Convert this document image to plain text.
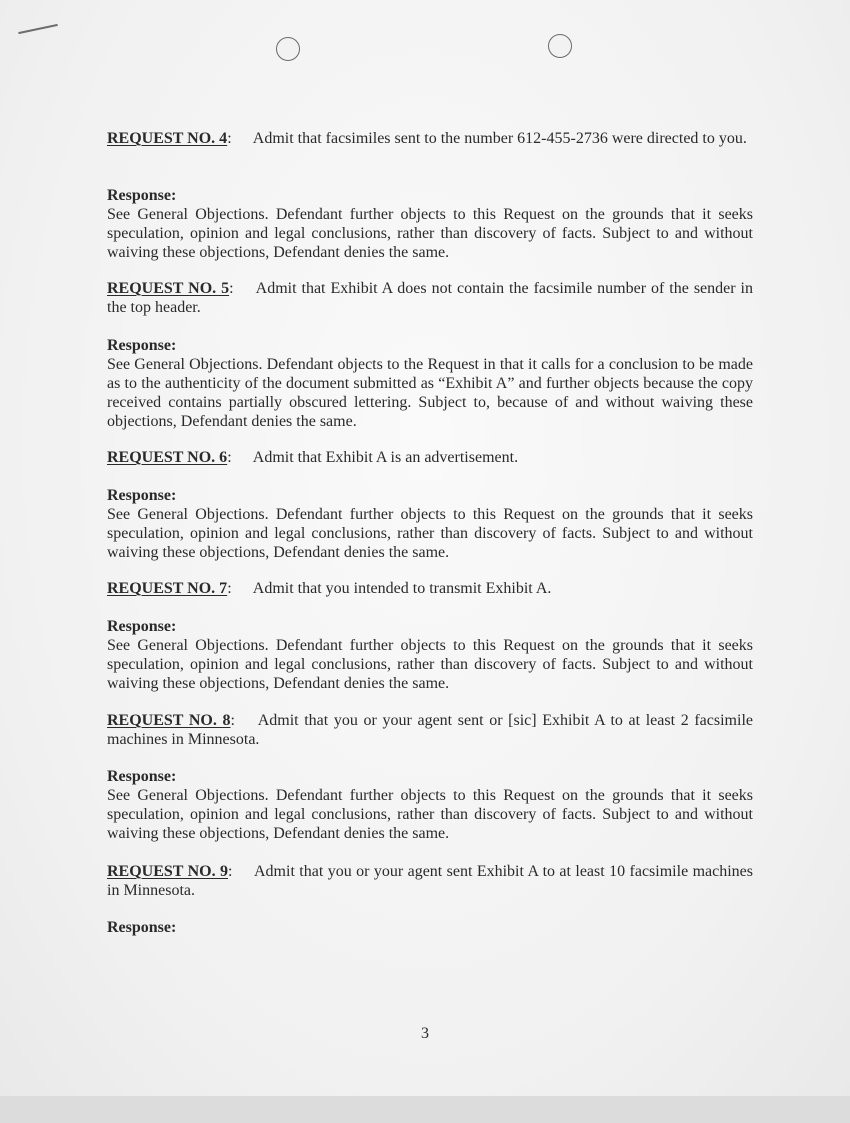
REQUEST NO. 4: Admit that facsimiles sent to the number 612-455-2736 were directed to you.

Response:

See General Objections. Defendant further objects to this Request on the grounds that it seeks speculation, opinion and legal conclusions, rather than discovery of facts. Subject to and without waiving these objections, Defendant denies the same.

REQUEST NO. 5: Admit that Exhibit A does not contain the facsimile number of the sender in the top header.

Response:

See General Objections. Defendant objects to the Request in that it calls for a conclusion to be made as to the authenticity of the document submitted as “Exhibit A” and further objects because the copy received contains partially obscured lettering. Subject to, because of and without waiving these objections, Defendant denies the same.

REQUEST NO. 6: Admit that Exhibit A is an advertisement.

Response:

See General Objections. Defendant further objects to this Request on the grounds that it seeks speculation, opinion and legal conclusions, rather than discovery of facts. Subject to and without waiving these objections, Defendant denies the same.

REQUEST NO. 7: Admit that you intended to transmit Exhibit A.

Response:

See General Objections. Defendant further objects to this Request on the grounds that it seeks speculation, opinion and legal conclusions, rather than discovery of facts. Subject to and without waiving these objections, Defendant denies the same.

REQUEST NO. 8: Admit that you or your agent sent or [sic] Exhibit A to at least 2 facsimile machines in Minnesota.

Response:

See General Objections. Defendant further objects to this Request on the grounds that it seeks speculation, opinion and legal conclusions, rather than discovery of facts. Subject to and without waiving these objections, Defendant denies the same.

REQUEST NO. 9: Admit that you or your agent sent Exhibit A to at least 10 facsimile machines in Minnesota.

Response:

3
